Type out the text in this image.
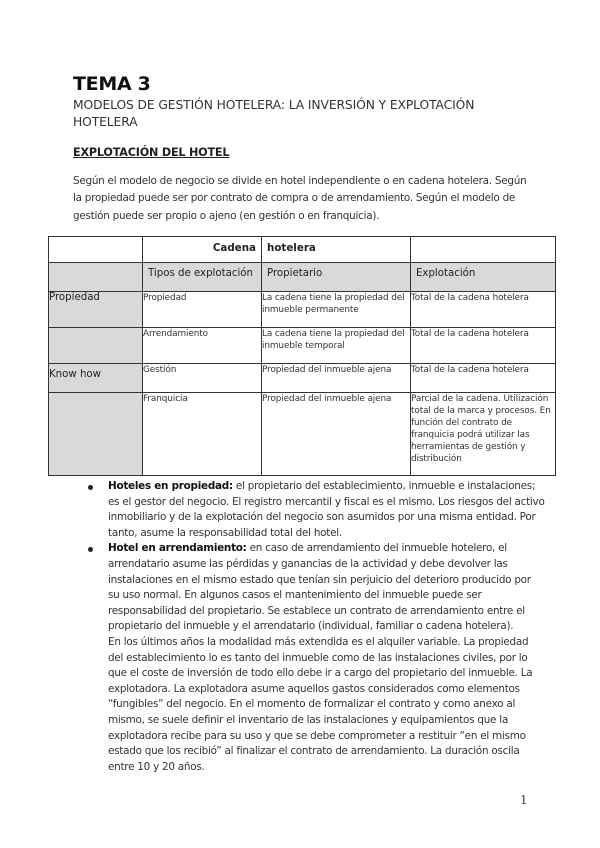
TEMA 3

MODELOS DE GESTIÓN HOTELERA: LA INVERSIÓN Y EXPLOTACIÓN HOTELERA

EXPLOTACIÓN DEL HOTEL

Según el modelo de negocio se divide en hotel independiente o en cadena hotelera. Según la propiedad puede ser por contrato de compra o de arrendamiento. Según el modelo de gestión puede ser propio o ajeno (en gestión o en franquicia).

	Cadena	hotelera	

	Tipos de explotación	Propietario	Explotación
Propiedad	Propiedad	La cadena tiene la propiedad del inmueble permanente	Total de la cadena hotelera
	Arrendamiento	La cadena tiene la propiedad del inmueble temporal	Total de la cadena hotelera
Know how	Gestión	Propiedad del inmueble ajena	Total de la cadena hotelera
	Franquicia	Propiedad del inmueble ajena	Parcial de la cadena. Utilización total de la marca y procesos. En función del contrato de franquicia podrá utilizar las herramientas de gestión y distribución

Hoteles en propiedad: el propietario del establecimiento, inmueble e instalaciones; es el gestor del negocio. El registro mercantil y fiscal es el mismo. Los riesgos del activo inmobiliario y de la explotación del negocio son asumidos por una misma entidad. Por tanto, asume la responsabilidad total del hotel.

Hotel en arrendamiento: en caso de arrendamiento del inmueble hotelero, el arrendatario asume las pérdidas y ganancias de la actividad y debe devolver las instalaciones en el mismo estado que tenían sin perjuicio del deterioro producido por su uso normal. En algunos casos el mantenimiento del inmueble puede ser responsabilidad del propietario. Se establece un contrato de arrendamiento entre el propietario del inmueble y el arrendatario (individual, familiar o cadena hotelera).

En los últimos años la modalidad más extendida es el alquiler variable. La propiedad del establecimiento lo es tanto del inmueble como de las instalaciones civiles, por lo que el coste de inversión de todo ello debe ir a cargo del propietario del inmueble. La explotadora. La explotadora asume aquellos gastos considerados como elementos “fungibles” del negocio. En el momento de formalizar el contrato y como anexo al mismo, se suele definir el inventario de las instalaciones y equipamientos que la explotadora recibe para su uso y que se debe comprometer a restituir “en el mismo estado que los recibió” al finalizar el contrato de arrendamiento. La duración oscila entre 10 y 20 años.

1
